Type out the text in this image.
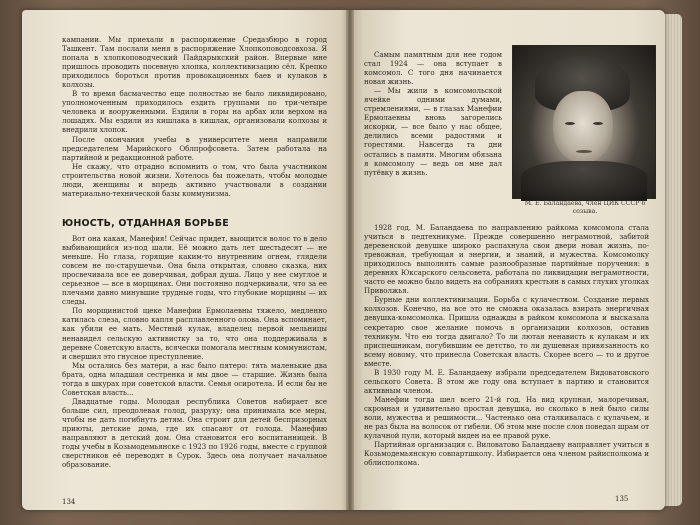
кампании. Мы приехали в распоряжение Средазбюро в город Ташкент. Там послали меня в распоряжение Хлопкоповодсовхоза. Я попала в хлопкоповодческий Пайдарыкский район. Впервые мне пришлось проводить посевную хлопка, коллективизацию сёл. Крепко приходилось бороться против провокационных баев и кулаков в колхозы.

В то время басмачество еще полностью не было ликвидировано, уполномоченным приходилось ездить группами по три-четыре человека и вооруженными. Ездили в горы на арбах или верхом на лошадях. Мы ездили из кишлака в кишлак, организовали колхозы и внедрили хлопок.

После окончания учебы в университете меня направили председателем Марийского Облпрофсовета. Затем работала на партийной и редакционной работе.

Не скажу, что отрадно вспомнить о том, что была участником строительства новой жизни. Хотелось бы пожелать, чтобы молодые люди, женщины и впредь активно участвовали в создании материально-технической базы коммунизма.

ЮНОСТЬ, ОТДАННАЯ БОРЬБЕ

Вот она какая, Манефия! Сейчас придет, выощится волос то в дело выбивающийся из-под шали. Её можно дать лет шестьдесят — не меньше. Но глаза, горящие каким-то внутренним огнем, глядели совсем не по-старушечьи. Она была открытая, словно сказка, них просвечивала все ее доверчивая, добрая душа. Лицо у нее смуглое и серьезное — все в морщинах. Они постоянно подчеркивали, что за ее плечами давно минувшие трудные годы, что глубокие морщины — их следы.

По морщинистой щеке Манефии Ермолаевны тяжело, медленно катилась слеза, словно капля расплавленного олова. Она вспоминает, как убили ее мать. Местный кулак, владелец первой мельницы ненавидел сельскую активистку за то, что она поддерживала в деревне Советскую власть, всячески помогала местным коммунистам, и свершил это гнусное преступление.

Мы остались без матери, а нас было пятеро: тять маленькие два брата, одна младшая сестренка и мы двое — старшие. Жизнь была тогда в шкурах при советской власти. Семья осиротела. И если бы не Советская власть...

Двадцатые годы. Молодая республика Советов набирает все больше сил, преодолевая голод, разруху; она принимала все меры, чтобы не дать погибнуть детям. Она строит для детей беспризорных приюты, детские дома, где их спасают от голода. Манефию направляют в детский дом. Она становится его воспитанницей. В годы учебы в Козьмодемьянске с 1923 по 1926 годы, вместе с группой сверстников её переводят в Сурок. Здесь она получает начальное образование.

134

Самым памятным для нее годом стал 1924 — она вступает в комсомол. С того дня начинается новая жизнь.

— Мы жили в комсомольской ячейке одними думами, стремлениями, — в глазах Манефии Ермолаевны вновь загорелись искорки, — все было у нас общее, делились всеми радостями и горестями. Навсегда та дни остались в памяти. Многим обязана я комсомолу — ведь он мне дал путёвку в жизнь.

М. Е. Баландаева, член ЦИК СССР 6 созыва.

1928 год. М. Баландаева по направлению райкома комсомола стала учиться в педтехникуме. Прежде совершенно неграмотной, забитой деревенской девушке широко распахнула свои двери новая жизнь, по-тревожная, требующая и энергии, и знаний, и мужества. Комсомолку приходилось выполнять самые разнообразные партийные поручения: в деревнях Юксарского сельсовета, работала по ликвидации неграмотности, часто ее можно было видеть на собраниях крестьян в самых глухих уголках Приволжья.

Бурные дни коллективизации. Борьба с кулачеством. Создание первых колхозов. Конечно, на все это не сможна оказалась взирать энергичная девушка-комсомолка. Пришла однажды в райком комсомола и высказала секретарю свое желание помочь в организации колхозов, оставив техникум. Что ею тогда двигало? То ли лютая ненависть к кулакам и их приспешникам, погубившим ее детство, то ли душевная привязанность ко всему новому, что принесла Советская власть. Скорее всего — то и другое вместе.

В 1930 году М. Е. Баландаеву избрали председателем Видоватовского сельского Совета. В этом же году она вступает в партию и становится активным членом.

Манефии тогда шел всего 21-й год. На вид крупная, малоречивая, скромная и удивительно простая девушка, но сколько в ней было силы воли, мужества и решимости... Частенько она сталкивалась с кулачьем, и не раз была на волосок от гибели. Об этом мне после слов поведал шрам от кулачной пули, который виден на ее правой руке.

Партийная организация с. Виловатово Баландаеву направляет учиться в Козьмодемьянскую совпартшколу. Избирается она членом райисполкома и облисполкома.

135
